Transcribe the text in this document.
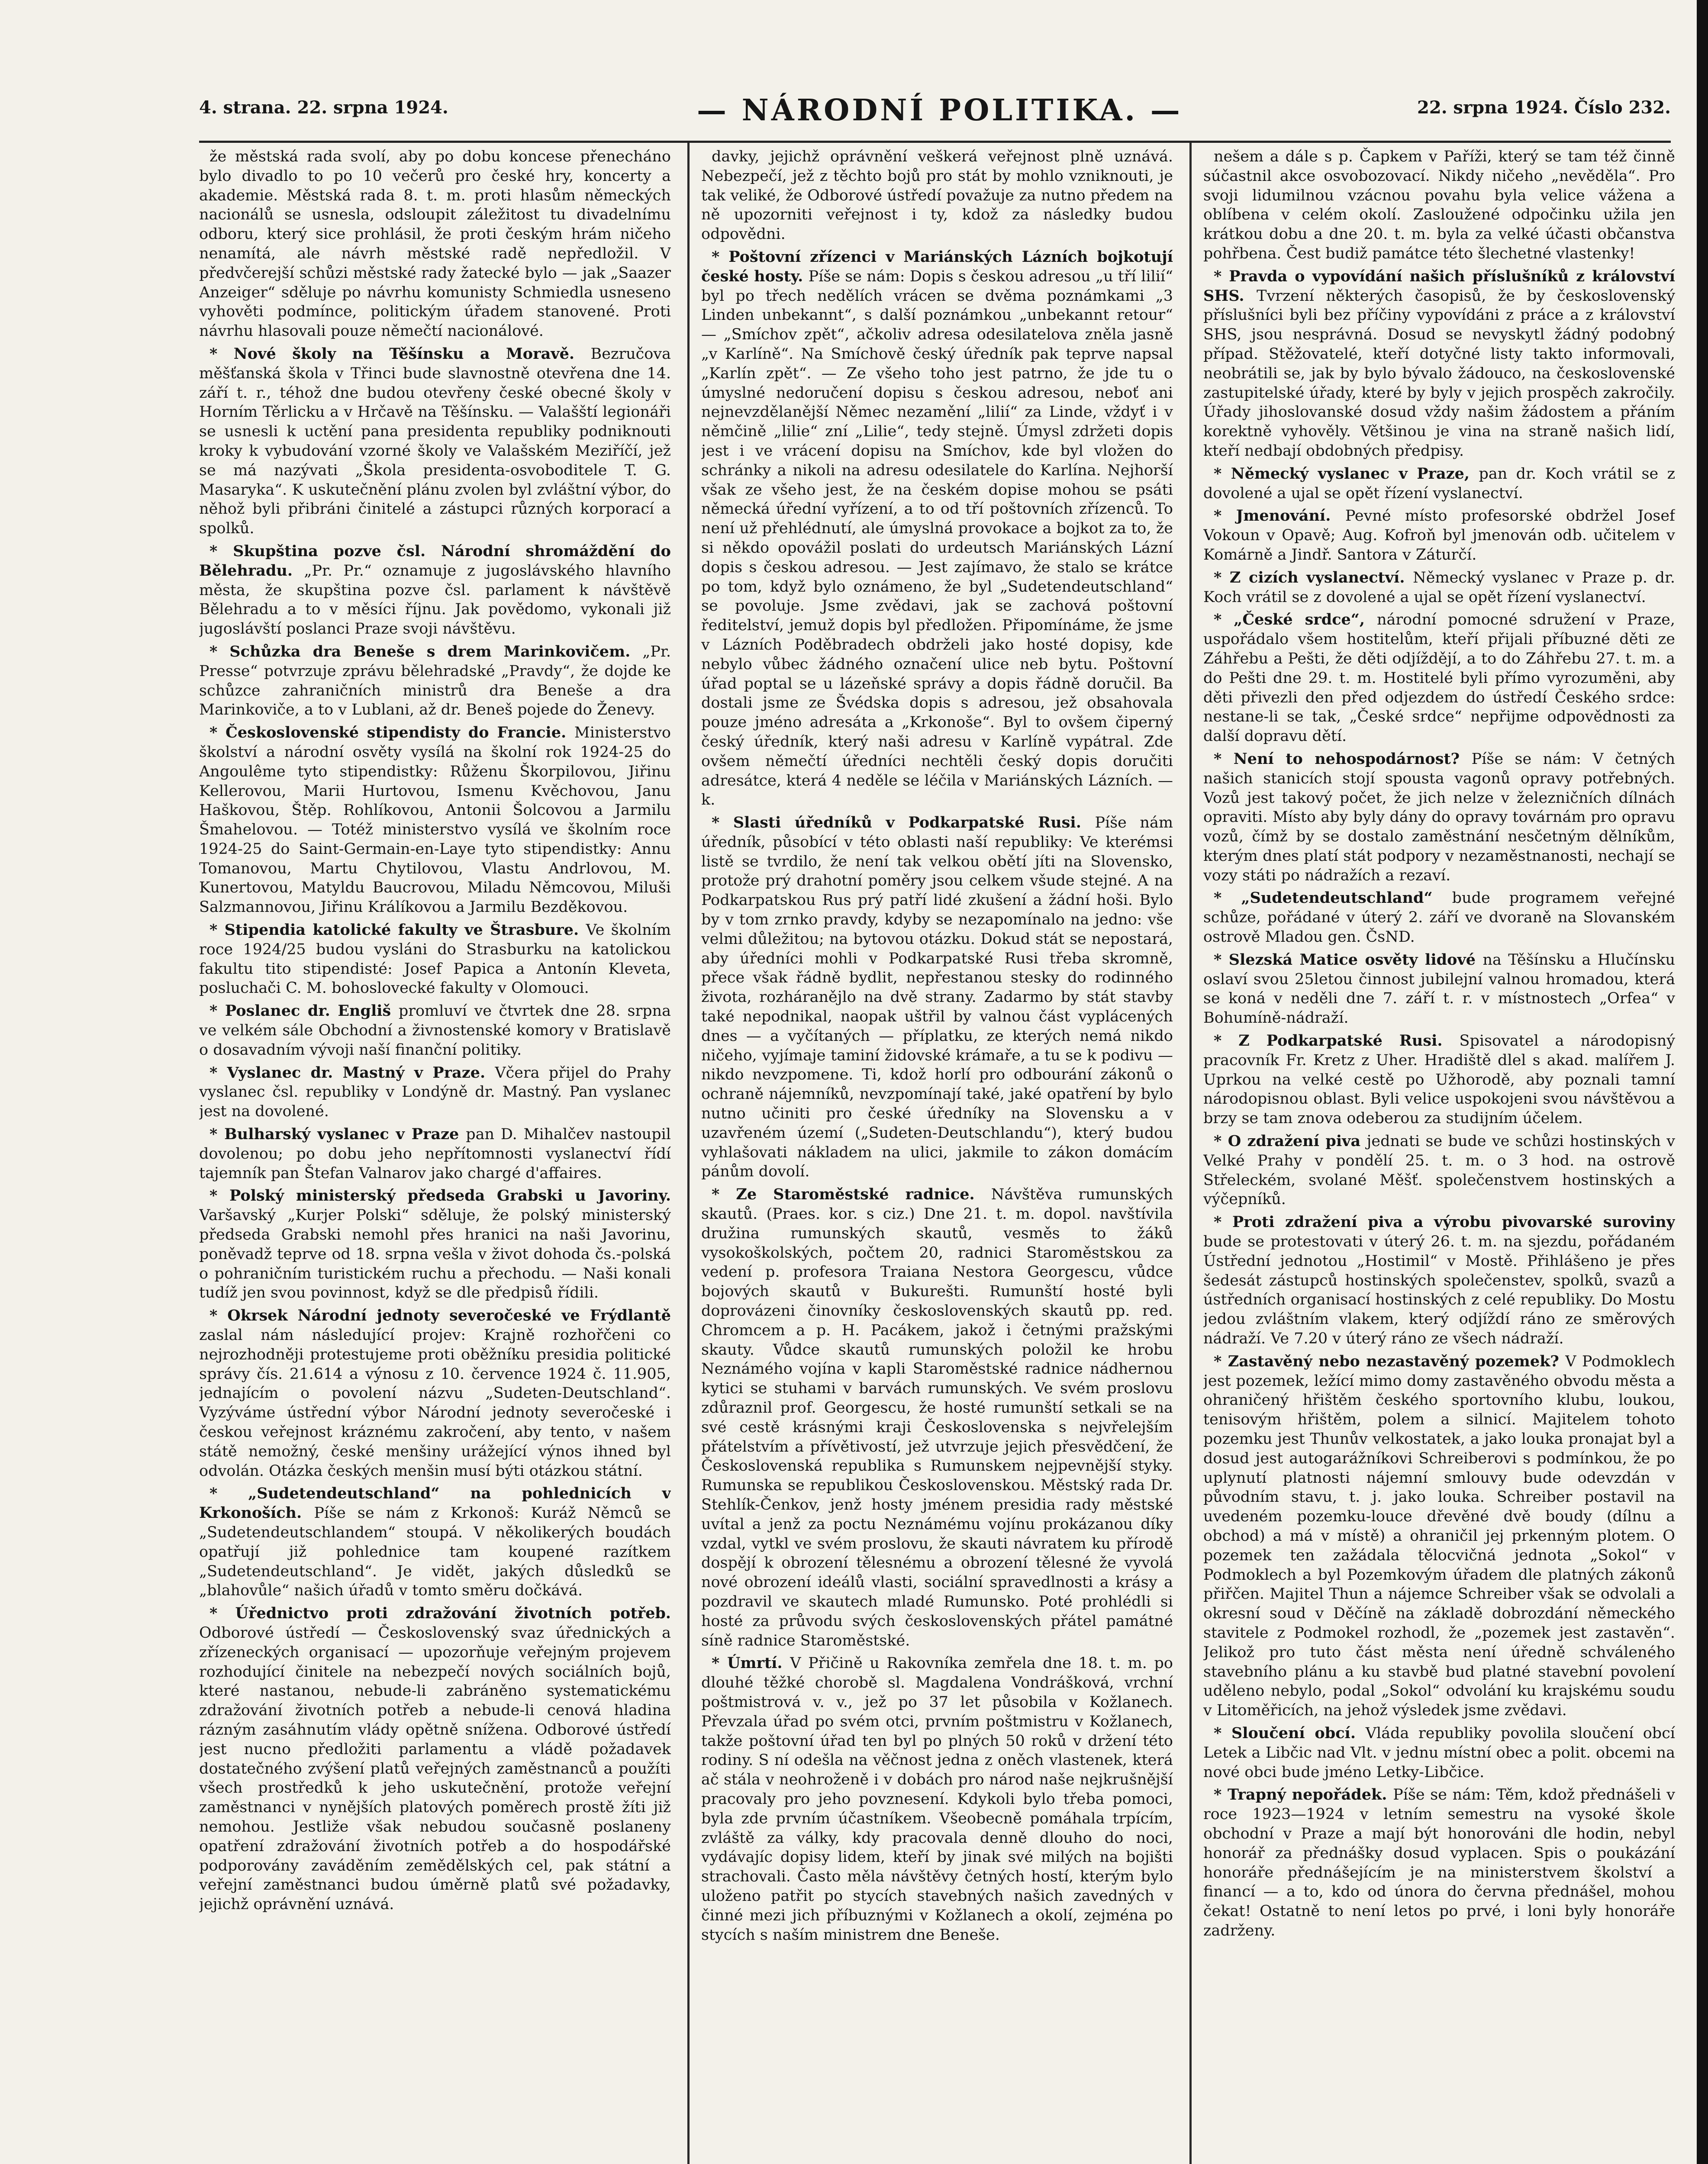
4. strana. 22. srpna 1924.	— NÁRODNÍ POLITIKA. —	22. srpna 1924. Číslo 232.

že městská rada svolí, aby po dobu koncese přenecháno bylo divadlo to po 10 večerů pro české hry, koncerty a akademie. Městská rada 8. t. m. proti hlasům německých nacionálů se usnesla, odsloupit záležitost tu divadelnímu odboru, který sice prohlásil, že proti českým hrám ničeho nenamítá, ale návrh městské radě nepředložil. V předvčerejší schůzi městské rady žatecké bylo — jak „Saazer Anzeiger“ sděluje po návrhu komunisty Schmiedla usneseno vyhověti podmínce, politickým úřadem stanovené. Proti návrhu hlasovali pouze němečtí nacionálové.

* Nové školy na Těšínsku a Moravě. Bezručova měšťanská škola v Třinci bude slavnostně otevřena dne 14. září t. r., téhož dne budou otevřeny české obecné školy v Horním Těrlicku a v Hrčavě na Těšínsku. — Valašští legionáři se usnesli k uctění pana presidenta republiky podniknouti kroky k vybudování vzorné školy ve Valašském Meziříčí, jež se má nazývati „Škola presidenta-osvoboditele T. G. Masaryka“. K uskutečnění plánu zvolen byl zvláštní výbor, do něhož byli přibráni činitelé a zástupci různých korporací a spolků.

* Skupština pozve čsl. Národní shromáždění do Bělehradu. „Pr. Pr.“ oznamuje z jugoslávského hlavního města, že skupština pozve čsl. parlament k návštěvě Bělehradu a to v měsíci říjnu. Jak povědomo, vykonali již jugoslávští poslanci Praze svoji návštěvu.

* Schůzka dra Beneše s drem Marinkovičem. „Pr. Presse“ potvrzuje zprávu bělehradské „Pravdy“, že dojde ke schůzce zahraničních ministrů dra Beneše a dra Marinkoviče, a to v Lublani, až dr. Beneš pojede do Ženevy.

* Československé stipendisty do Francie. Ministerstvo školství a národní osvěty vysílá na školní rok 1924-25 do Angoulême tyto stipendistky: Růženu Škorpilovou, Jiřinu Kellerovou, Marii Hurtovou, Ismenu Kvěchovou, Janu Haškovou, Štěp. Rohlíkovou, Antonii Šolcovou a Jarmilu Šmahelovou. — Totéž ministerstvo vysílá ve školním roce 1924-25 do Saint-Germain-en-Laye tyto stipendistky: Annu Tomanovou, Martu Chytilovou, Vlastu Andrlovou, M. Kunertovou, Matyldu Baucrovou, Miladu Němcovou, Miluši Salzmannovou, Jiřinu Králíkovou a Jarmilu Bezděkovou.

* Stipendia katolické fakulty ve Štrasbure. Ve školním roce 1924/25 budou vysláni do Strasburku na katolickou fakultu tito stipendisté: Josef Papica a Antonín Kleveta, posluchači C. M. bohoslovecké fakulty v Olomouci.

* Poslanec dr. Engliš promluví ve čtvrtek dne 28. srpna ve velkém sále Obchodní a živnostenské komory v Bratislavě o dosavadním vývoji naší finanční politiky.

* Vyslanec dr. Mastný v Praze. Včera přijel do Prahy vyslanec čsl. republiky v Londýně dr. Mastný. Pan vyslanec jest na dovolené.

* Bulharský vyslanec v Praze pan D. Mihalčev nastoupil dovolenou; po dobu jeho nepřítomnosti vyslanectví řídí tajemník pan Štefan Valnarov jako chargé d'affaires.

* Polský ministerský předseda Grabski u Javoriny. Varšavský „Kurjer Polski“ sděluje, že polský ministerský předseda Grabski nemohl přes hranici na naši Javorinu, poněvadž teprve od 18. srpna vešla v život dohoda čs.-polská o pohraničním turistickém ruchu a přechodu. — Naši konali tudíž jen svou povinnost, když se dle předpisů řídili.

* Okrsek Národní jednoty severočeské ve Frýdlantě zaslal nám následující projev: Krajně rozhořčeni co nejrozhodněji protestujeme proti oběžníku presidia politické správy čís. 21.614 a výnosu z 10. července 1924 č. 11.905, jednajícím o povolení názvu „Sudeten-Deutschland“. Vyzýváme ústřední výbor Národní jednoty severočeské i českou veřejnost kráznému zakročení, aby tento, v našem státě nemožný, české menšiny urážející výnos ihned byl odvolán. Otázka českých menšin musí býti otázkou státní.

* „Sudetendeutschland“ na pohlednicích v Krkonoších. Píše se nám z Krkonoš: Kuráž Němců se „Sudetendeutschlandem“ stoupá. V několikerých boudách opatřují již pohlednice tam koupené razítkem „Sudetendeutschland“. Je vidět, jakých důsledků se „blahovůle“ našich úřadů v tomto směru dočkává.

* Úřednictvo proti zdražování životních potřeb. Odborové ústředí — Československý svaz úřednických a zřízeneckých organisací — upozorňuje veřejným projevem rozhodující činitele na nebezpečí nových sociálních bojů, které nastanou, nebude-li zabráněno systematickému zdražování životních potřeb a nebude-li cenová hladina rázným zasáhnutím vlády opětně snížena. Odborové ústředí jest nucno předložiti parlamentu a vládě požadavek dostatečného zvýšení platů veřejných zaměstnanců a použíti všech prostředků k jeho uskutečnění, protože veřejní zaměstnanci v nynějších platových poměrech prostě žíti již nemohou. Jestliže však nebudou současně poslaneny opatření zdražování životních potřeb a do hospodářské podporovány zaváděním zemědělských cel, pak státní a veřejní zaměstnanci budou úměrně platů své požadavky, jejichž oprávnění uznává.

davky, jejichž oprávnění veškerá veřejnost plně uznává. Nebezpečí, jež z těchto bojů pro stát by mohlo vzniknouti, je tak veliké, že Odborové ústředí považuje za nutno předem na ně upozorniti veřejnost i ty, kdož za následky budou odpovědni.

* Poštovní zřízenci v Mariánských Lázních bojkotují české hosty. Píše se nám: Dopis s českou adresou „u tří lilií“ byl po třech nedělích vrácen se dvěma poznámkami „3 Linden unbekannt“, s další poznámkou „unbekannt retour“ — „Smíchov zpět“, ačkoliv adresa odesilatelova zněla jasně „v Karlíně“. Na Smíchově český úředník pak teprve napsal „Karlín zpět“. — Ze všeho toho jest patrno, že jde tu o úmyslné nedoručení dopisu s českou adresou, neboť ani nejnevzdělanější Němec nezamění „lilií“ za Linde, vždyť i v němčině „lilie“ zní „Lilie“, tedy stejně. Úmysl zdržeti dopis jest i ve vrácení dopisu na Smíchov, kde byl vložen do schránky a nikoli na adresu odesilatele do Karlína. Nejhorší však ze všeho jest, že na českém dopise mohou se psáti německá úřední vyřízení, a to od tří poštovních zřízenců. To není už přehlédnutí, ale úmyslná provokace a bojkot za to, že si někdo opovážil poslati do urdeutsch Mariánských Lázní dopis s českou adresou. — Jest zajímavo, že stalo se krátce po tom, když bylo oznámeno, že byl „Sudetendeutschland“ se povoluje. Jsme zvědavi, jak se zachová poštovní ředitelství, jemuž dopis byl předložen. Připomínáme, že jsme v Lázních Poděbradech obdrželi jako hosté dopisy, kde nebylo vůbec žádného označení ulice neb bytu. Poštovní úřad poptal se u lázeňské správy a dopis řádně doručil. Ba dostali jsme ze Švédska dopis s adresou, jež obsahovala pouze jméno adresáta a „Krkonoše“. Byl to ovšem čiperný český úředník, který naši adresu v Karlíně vypátral. Zde ovšem němečtí úředníci nechtěli český dopis doručiti adresátce, která 4 neděle se léčila v Mariánských Lázních. —k.

* Slasti úředníků v Podkarpatské Rusi. Píše nám úředník, působící v této oblasti naší republiky: Ve kterémsi listě se tvrdilo, že není tak velkou obětí jíti na Slovensko, protože prý drahotní poměry jsou celkem všude stejné. A na Podkarpatskou Rus prý patří lidé zkušení a žádní hoši. Bylo by v tom zrnko pravdy, kdyby se nezapomínalo na jedno: vše velmi důležitou; na bytovou otázku. Dokud stát se nepostará, aby úředníci mohli v Podkarpatské Rusi třeba skromně, přece však řádně bydlit, nepřestanou stesky do rodinného života, rozháranějlo na dvě strany. Zadarmo by stát stavby také nepodnikal, naopak uštřil by valnou část vyplácených dnes — a vyčítaných — příplatku, ze kterých nemá nikdo ničeho, vyjímaje taminí židovské krámaře, a tu se k podivu — nikdo nevzpomene. Ti, kdož horlí pro odbourání zákonů o ochraně nájemníků, nevzpomínají také, jaké opatření by bylo nutno učiniti pro české úředníky na Slovensku a v uzavřeném území („Sudeten-Deutschlandu“), který budou vyhlašovati nákladem na ulici, jakmile to zákon domácím pánům dovolí.

* Ze Staroměstské radnice. Návštěva rumunských skautů. (Praes. kor. s ciz.) Dne 21. t. m. dopol. navštívila družina rumunských skautů, vesměs to žáků vysokoškolských, počtem 20, radnici Staroměstskou za vedení p. profesora Traiana Nestora Georgescu, vůdce bojových skautů v Bukurešti. Rumunští hosté byli doprovázeni činovníky československých skautů pp. red. Chromcem a p. H. Pacákem, jakož i četnými pražskými skauty. Vůdce skautů rumunských položil ke hrobu Neznámého vojína v kapli Staroměstské radnice nádhernou kytici se stuhami v barvách rumunských. Ve svém proslovu zdůraznil prof. Georgescu, že hosté rumunští setkali se na své cestě krásnými kraji Československa s nejvřelejším přátelstvím a přívětivostí, jež utvrzuje jejich přesvědčení, že Československá republika s Rumunskem nejpevnější styky. Rumunska se republikou Československou. Městský rada Dr. Stehlík-Čenkov, jenž hosty jménem presidia rady městské uvítal a jenž za poctu Neznámému vojínu prokázanou díky vzdal, vytkl ve svém proslovu, že skauti návratem ku přírodě dospějí k obrození tělesnému a obrození tělesné že vyvolá nové obrození ideálů vlasti, sociální spravedlnosti a krásy a pozdravil ve skautech mladé Rumunsko. Poté prohlédli si hosté za průvodu svých československých přátel památné síně radnice Staroměstské.

* Úmrtí. V Přičině u Rakovníka zemřela dne 18. t. m. po dlouhé těžké chorobě sl. Magdalena Vondrášková, vrchní poštmistrová v. v., jež po 37 let působila v Kožlanech. Převzala úřad po svém otci, prvním poštmistru v Kožlanech, takže poštovní úřad ten byl po plných 50 roků v držení této rodiny. S ní odešla na věčnost jedna z oněch vlastenek, která ač stála v neohroženě i v dobách pro národ naše nejkrušnější pracovaly pro jeho povznesení. Kdykoli bylo třeba pomoci, byla zde prvním účastníkem. Všeobecně pomáhala trpícím, zvláště za války, kdy pracovala denně dlouho do noci, vydávajíc dopisy lidem, kteří by jinak své milých na bojišti strachovali. Často měla návštěvy četných hostí, kterým bylo uloženo patřit po stycích stavebných našich zavedných v činné mezi jich příbuznými v Kožlanech a okolí, zejména po stycích s naším ministrem dne Beneše.

nešem a dále s p. Čapkem v Paříži, který se tam též činně súčastnil akce osvobozovací. Nikdy ničeho „nevěděla“. Pro svoji lidumilnou vzácnou povahu byla velice vážena a oblíbena v celém okolí. Zasloužené odpočinku užila jen krátkou dobu a dne 20. t. m. byla za velké účasti občanstva pohřbena. Čest budiž památce této šlechetné vlastenky!

* Pravda o vypovídání našich příslušníků z království SHS. Tvrzení některých časopisů, že by československý příslušníci byli bez příčiny vypovídáni z práce a z království SHS, jsou nesprávná. Dosud se nevyskytl žádný podobný případ. Stěžovatelé, kteří dotyčné listy takto informovali, neobrátili se, jak by bylo bývalo žádouco, na československé zastupitelské úřady, které by byly v jejich prospěch zakročily. Úřady jihoslovanské dosud vždy našim žádostem a přáním korektně vyhověly. Většinou je vina na straně našich lidí, kteří nedbají obdobných předpisy.

* Německý vyslanec v Praze, pan dr. Koch vrátil se z dovolené a ujal se opět řízení vyslanectví.

* Jmenování. Pevné místo profesorské obdržel Josef Vokoun v Opavě; Aug. Kofroň byl jmenován odb. učitelem v Komárně a Jindř. Santora v Záturčí.

* Z cizích vyslanectví. Německý vyslanec v Praze p. dr. Koch vrátil se z dovolené a ujal se opět řízení vyslanectví.

* „České srdce“, národní pomocné sdružení v Praze, uspořádalo všem hostitelům, kteří přijali příbuzné děti ze Záhřebu a Pešti, že děti odjíždějí, a to do Záhřebu 27. t. m. a do Pešti dne 29. t. m. Hostitelé byli přímo vyrozuměni, aby děti přivezli den před odjezdem do ústředí Českého srdce: nestane-li se tak, „České srdce“ nepřijme odpovědnosti za další dopravu dětí.

* Není to nehospodárnost? Píše se nám: V četných našich stanicích stojí spousta vagonů opravy potřebných. Vozů jest takový počet, že jich nelze v železničních dílnách opraviti. Místo aby byly dány do opravy továrnám pro opravu vozů, čímž by se dostalo zaměstnání nesčetným dělníkům, kterým dnes platí stát podpory v nezaměstnanosti, nechají se vozy státi po nádražích a rezaví.

* „Sudetendeutschland“ bude programem veřejné schůze, pořádané v úterý 2. září ve dvoraně na Slovanském ostrově Mladou gen. ČsND.

* Slezská Matice osvěty lidové na Těšínsku a Hlučínsku oslaví svou 25letou činnost jubilejní valnou hromadou, která se koná v neděli dne 7. září t. r. v místnostech „Orfea“ v Bohumíně-nádraží.

* Z Podkarpatské Rusi. Spisovatel a národopisný pracovník Fr. Kretz z Uher. Hradiště dlel s akad. malířem J. Uprkou na velké cestě po Užhorodě, aby poznali tamní národopisnou oblast. Byli velice uspokojeni svou návštěvou a brzy se tam znova odeberou za studijním účelem.

* O zdražení piva jednati se bude ve schůzi hostinských v Velké Prahy v pondělí 25. t. m. o 3 hod. na ostrově Střeleckém, svolané Měšť. společenstvem hostinských a výčepníků.

* Proti zdražení piva a výrobu pivovarské suroviny bude se protestovati v úterý 26. t. m. na sjezdu, pořádaném Ústřední jednotou „Hostimil“ v Mostě. Přihlášeno je přes šedesát zástupců hostinských společenstev, spolků, svazů a ústředních organisací hostinských z celé republiky. Do Mostu jedou zvláštním vlakem, který odjíždí ráno ze směrových nádraží. Ve 7.20 v úterý ráno ze všech nádraží.

* Zastavěný nebo nezastavěný pozemek? V Podmoklech jest pozemek, ležící mimo domy zastavěného obvodu města a ohraničený hřištěm českého sportovního klubu, loukou, tenisovým hřištěm, polem a silnicí. Majitelem tohoto pozemku jest Thunův velkostatek, a jako louka pronajat byl a dosud jest autogarážníkovi Schreiberovi s podmínkou, že po uplynutí platnosti nájemní smlouvy bude odevzdán v původním stavu, t. j. jako louka. Schreiber postavil na uvedeném pozemku-louce dřevěné dvě boudy (dílnu a obchod) a má v místě) a ohraničil jej prkenným plotem. O pozemek ten zažádala tělocvičná jednota „Sokol“ v Podmoklech a byl Pozemkovým úřadem dle platných zákonů přiřčen. Majitel Thun a nájemce Schreiber však se odvolali a okresní soud v Děčíně na základě dobrozdání německého stavitele z Podmokel rozhodl, že „pozemek jest zastavěn“. Jelikož pro tuto část města není úředně schváleného stavebního plánu a ku stavbě bud platné stavební povolení uděleno nebylo, podal „Sokol“ odvolání ku krajskému soudu v Litoměřicích, na jehož výsledek jsme zvědavi.

* Sloučení obcí. Vláda republiky povolila sloučení obcí Letek a Libčic nad Vlt. v jednu místní obec a polit. obcemi na nové obci bude jméno Letky-Libčice.

* Trapný nepořádek. Píše se nám: Těm, kdož přednášeli v roce 1923—1924 v letním semestru na vysoké škole obchodní v Praze a mají být honorováni dle hodin, nebyl honorář za přednášky dosud vyplacen. Spis o poukázání honoráře přednášejícím je na ministerstvem školství a financí — a to, kdo od února do června přednášel, mohou čekat! Ostatně to není letos po prvé, i loni byly honoráře zadrženy.
